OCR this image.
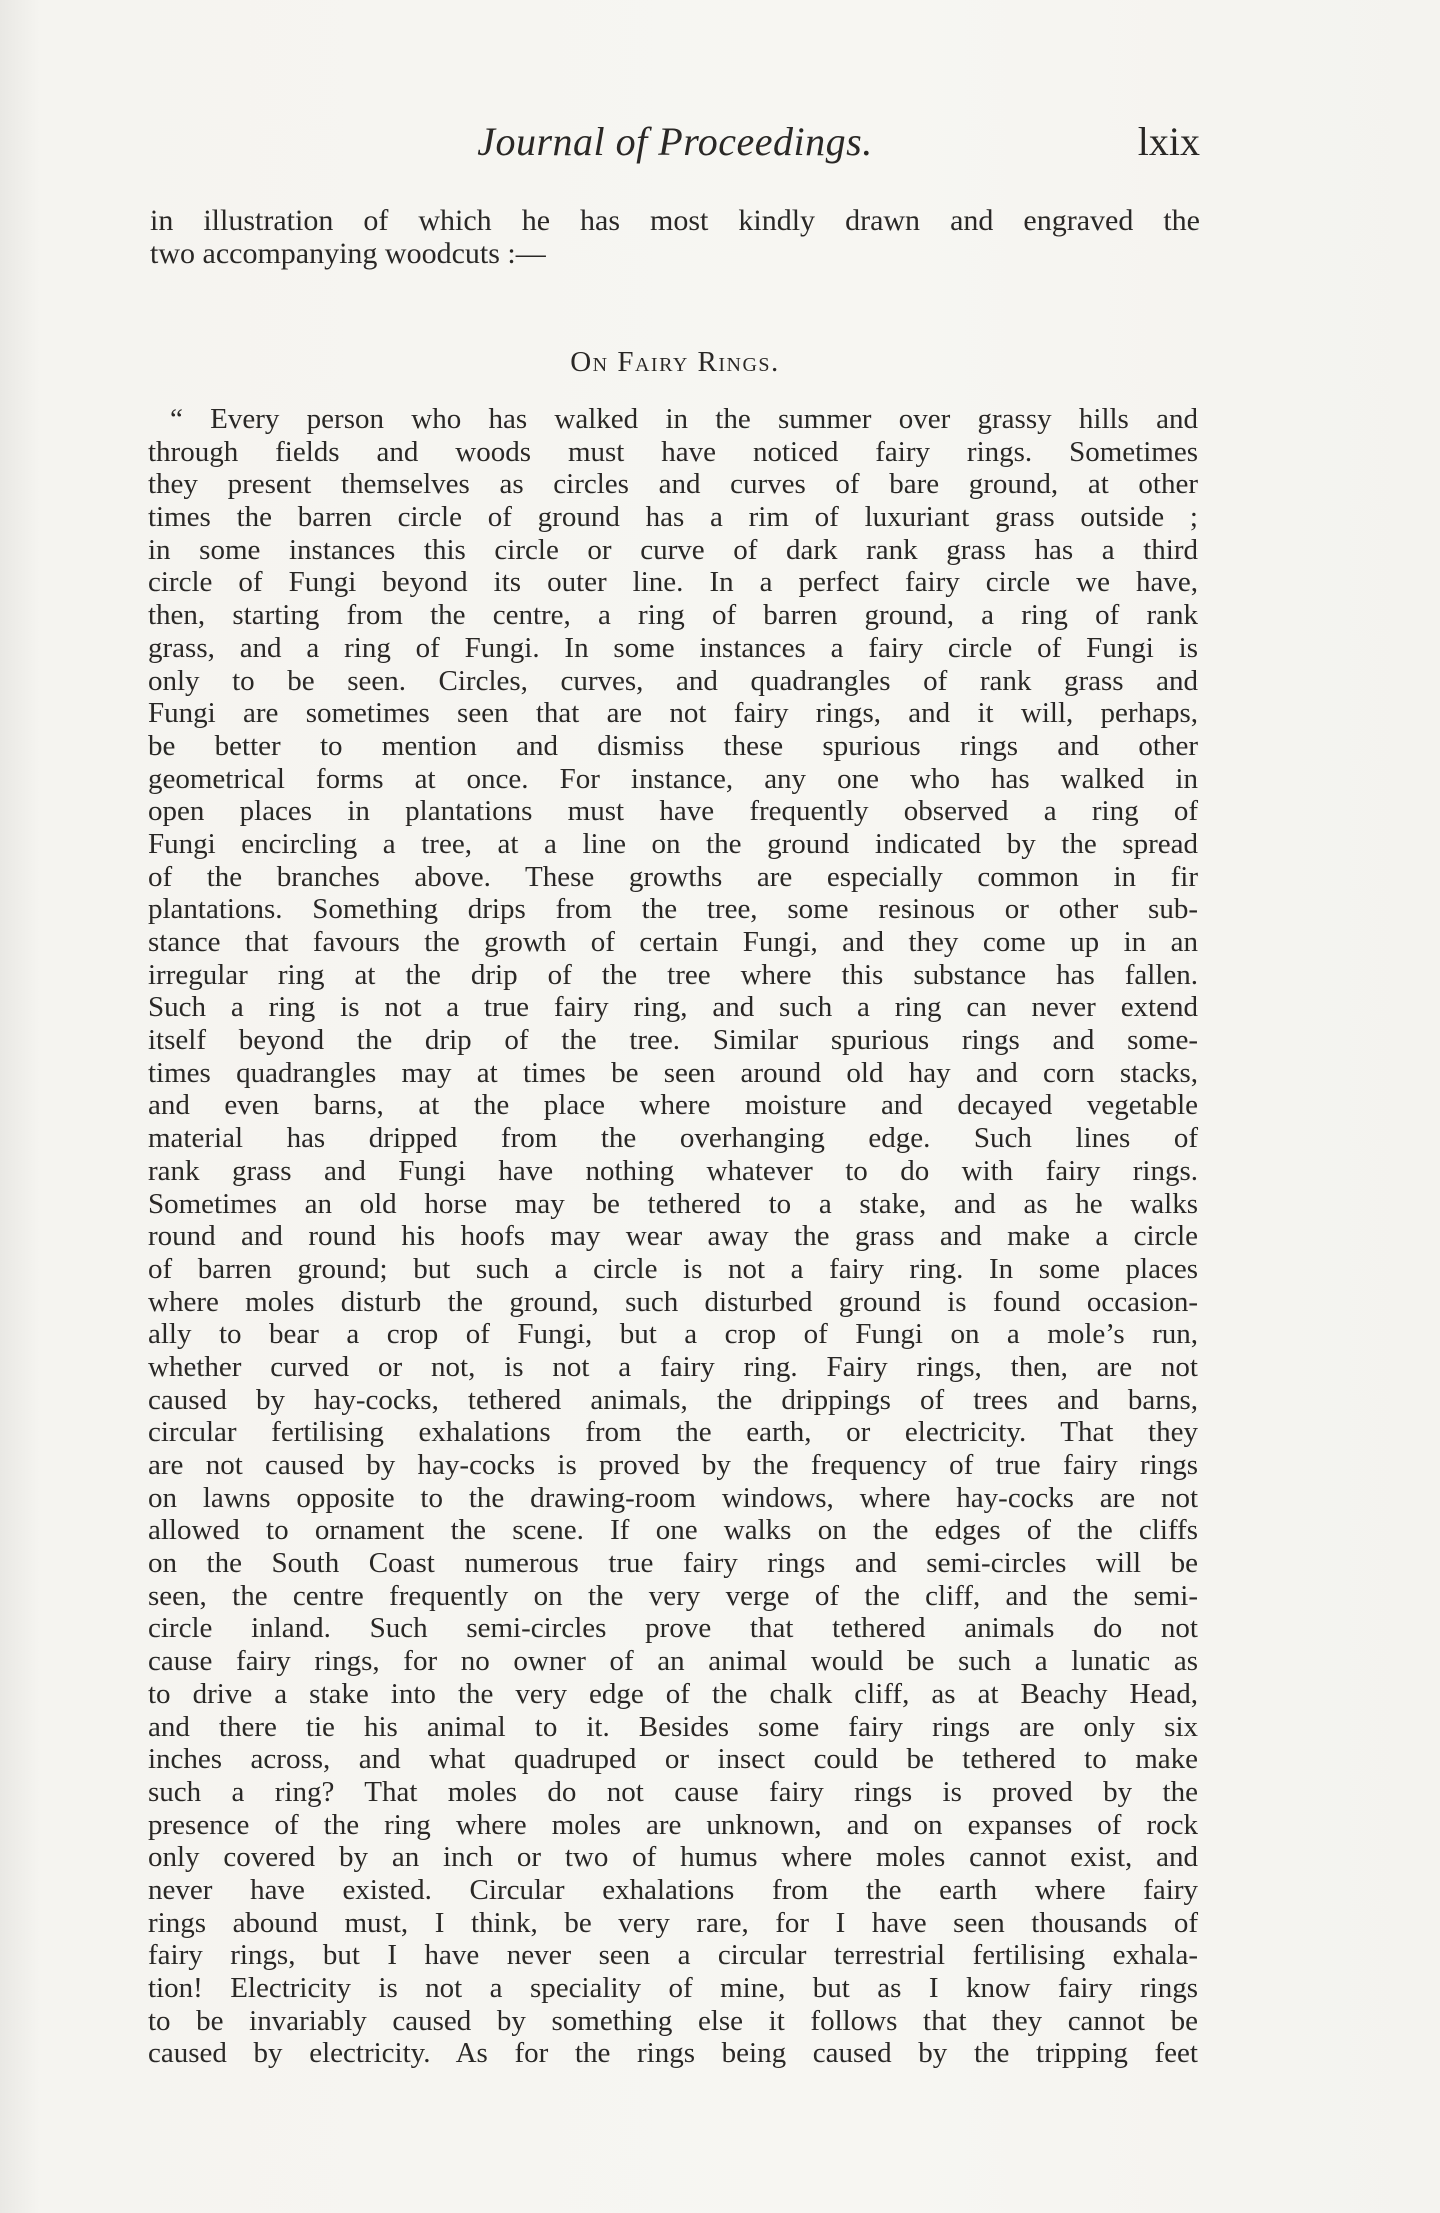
Journal of Proceedings.	lxix
in illustration of which he has most kindly drawn and engraved the
two accompanying woodcuts :—
On Fairy Rings.
“ Every person who has walked in the summer over grassy hills and
through fields and woods must have noticed fairy rings. Sometimes
they present themselves as circles and curves of bare ground, at other
times the barren circle of ground has a rim of luxuriant grass outside ;
in some instances this circle or curve of dark rank grass has a third
circle of Fungi beyond its outer line. In a perfect fairy circle we have,
then, starting from the centre, a ring of barren ground, a ring of rank
grass, and a ring of Fungi. In some instances a fairy circle of Fungi is
only to be seen. Circles, curves, and quadrangles of rank grass and
Fungi are sometimes seen that are not fairy rings, and it will, perhaps,
be better to mention and dismiss these spurious rings and other
geometrical forms at once. For instance, any one who has walked in
open places in plantations must have frequently observed a ring of
Fungi encircling a tree, at a line on the ground indicated by the spread
of the branches above. These growths are especially common in fir
plantations. Something drips from the tree, some resinous or other sub-
stance that favours the growth of certain Fungi, and they come up in an
irregular ring at the drip of the tree where this substance has fallen.
Such a ring is not a true fairy ring, and such a ring can never extend
itself beyond the drip of the tree. Similar spurious rings and some-
times quadrangles may at times be seen around old hay and corn stacks,
and even barns, at the place where moisture and decayed vegetable
material has dripped from the overhanging edge. Such lines of
rank grass and Fungi have nothing whatever to do with fairy rings.
Sometimes an old horse may be tethered to a stake, and as he walks
round and round his hoofs may wear away the grass and make a circle
of barren ground; but such a circle is not a fairy ring. In some places
where moles disturb the ground, such disturbed ground is found occasion-
ally to bear a crop of Fungi, but a crop of Fungi on a mole’s run,
whether curved or not, is not a fairy ring. Fairy rings, then, are not
caused by hay-cocks, tethered animals, the drippings of trees and barns,
circular fertilising exhalations from the earth, or electricity. That they
are not caused by hay-cocks is proved by the frequency of true fairy rings
on lawns opposite to the drawing-room windows, where hay-cocks are not
allowed to ornament the scene. If one walks on the edges of the cliffs
on the South Coast numerous true fairy rings and semi-circles will be
seen, the centre frequently on the very verge of the cliff, and the semi-
circle inland. Such semi-circles prove that tethered animals do not
cause fairy rings, for no owner of an animal would be such a lunatic as
to drive a stake into the very edge of the chalk cliff, as at Beachy Head,
and there tie his animal to it. Besides some fairy rings are only six
inches across, and what quadruped or insect could be tethered to make
such a ring? That moles do not cause fairy rings is proved by the
presence of the ring where moles are unknown, and on expanses of rock
only covered by an inch or two of humus where moles cannot exist, and
never have existed. Circular exhalations from the earth where fairy
rings abound must, I think, be very rare, for I have seen thousands of
fairy rings, but I have never seen a circular terrestrial fertilising exhala-
tion! Electricity is not a speciality of mine, but as I know fairy rings
to be invariably caused by something else it follows that they cannot be
caused by electricity. As for the rings being caused by the tripping feet
